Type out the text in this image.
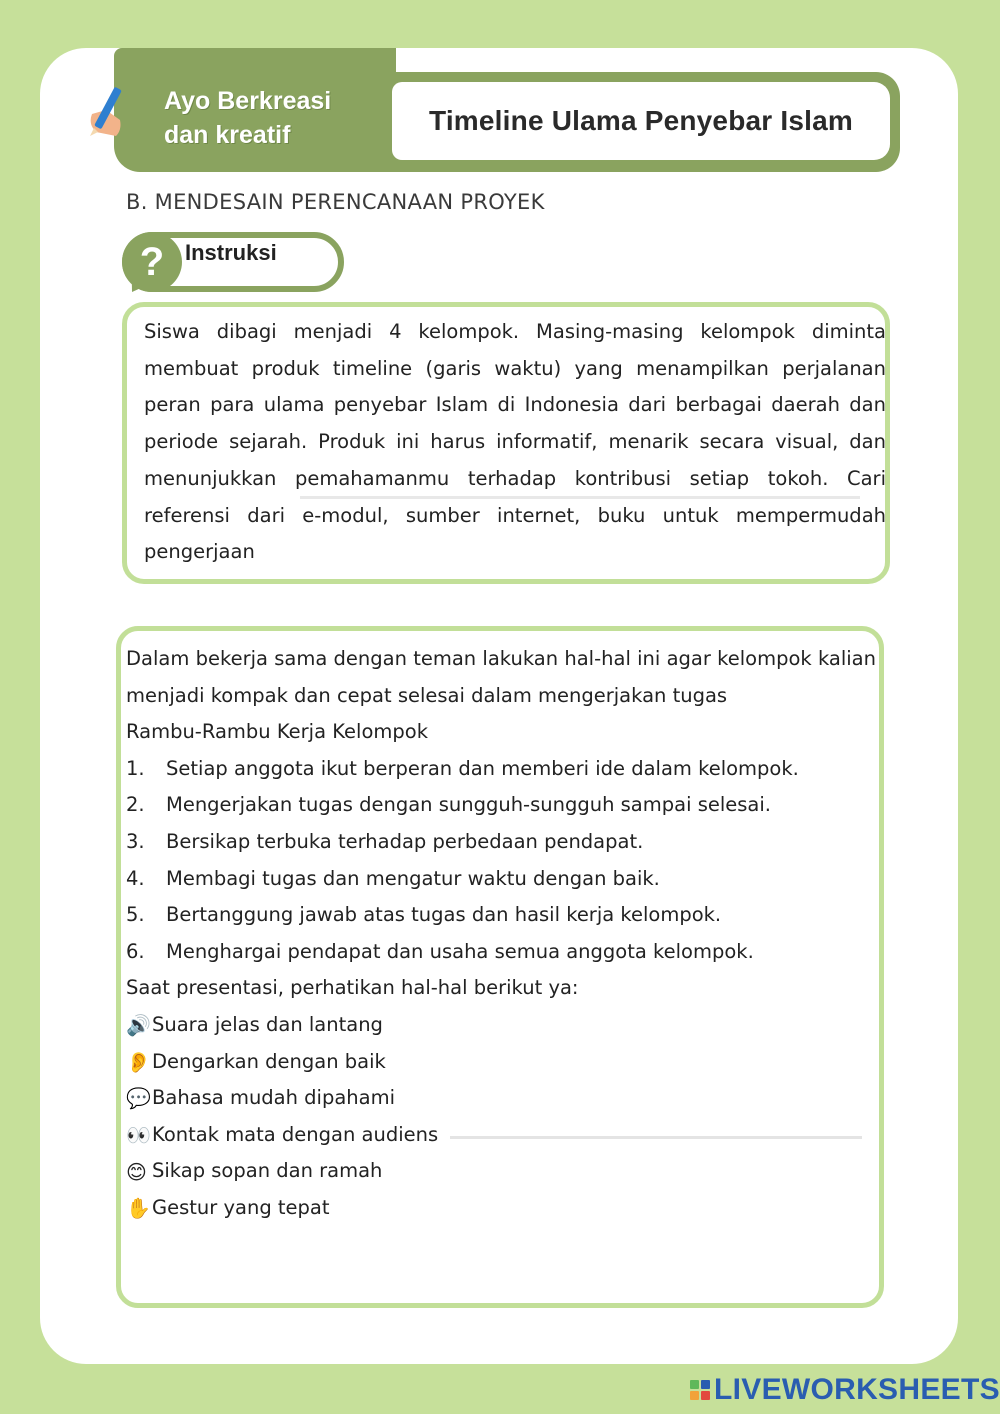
Ayo Berkreasi
dan kreatif	Timeline Ulama Penyebar Islam
B. MENDESAIN PERENCANAAN PROYEK
? Instruksi
Siswa dibagi menjadi 4 kelompok. Masing-masing kelompok diminta membuat produk timeline (garis waktu) yang menampilkan perjalanan peran para ulama penyebar Islam di Indonesia dari berbagai daerah dan periode sejarah. Produk ini harus informatif, menarik secara visual, dan menunjukkan pemahamanmu terhadap kontribusi setiap tokoh. Cari referensi dari e-modul, sumber internet, buku untuk mempermudah pengerjaan
Dalam bekerja sama dengan teman lakukan hal-hal ini agar kelompok kalian menjadi kompak dan cepat selesai dalam mengerjakan tugas
Rambu-Rambu Kerja Kelompok
1.	Setiap anggota ikut berperan dan memberi ide dalam kelompok.
2.	Mengerjakan tugas dengan sungguh-sungguh sampai selesai.
3.	Bersikap terbuka terhadap perbedaan pendapat.
4.	Membagi tugas dan mengatur waktu dengan baik.
5.	Bertanggung jawab atas tugas dan hasil kerja kelompok.
6.	Menghargai pendapat dan usaha semua anggota kelompok.
Saat presentasi, perhatikan hal-hal berikut ya:
🔊 Suara jelas dan lantang
👂 Dengarkan dengan baik
💬 Bahasa mudah dipahami
👀 Kontak mata dengan audiens
😊 Sikap sopan dan ramah
✋ Gestur yang tepat
LIVEWORKSHEETS
